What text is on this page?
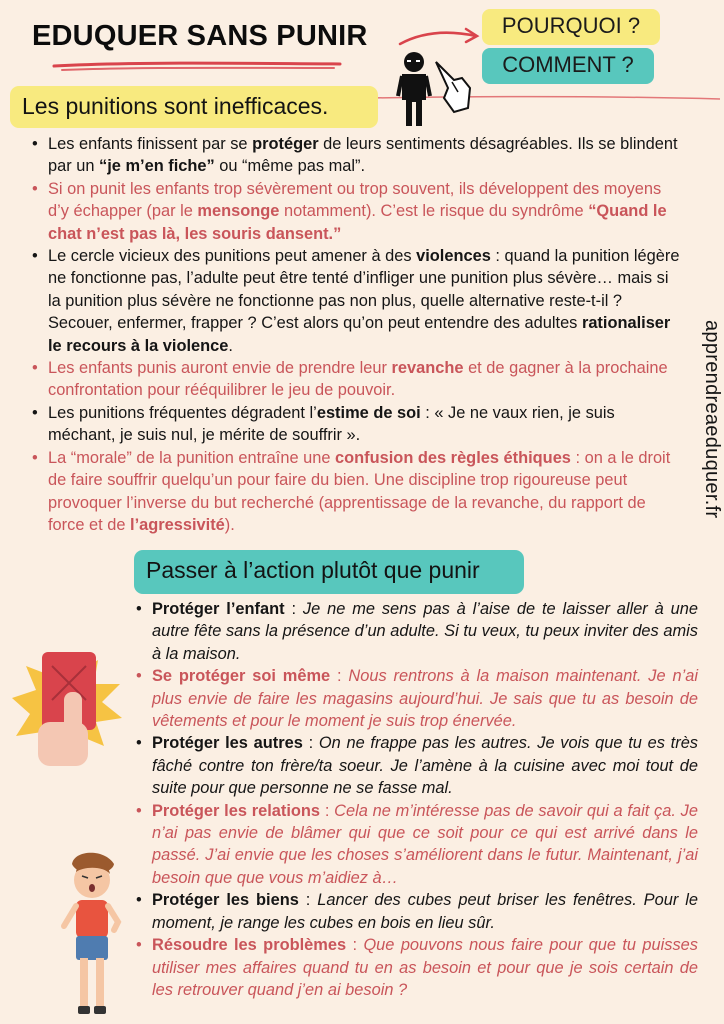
EDUQUER SANS PUNIR	POURQUOI ?
COMMENT ?
Les punitions sont inefficaces.
• Les enfants finissent par se protéger de leurs sentiments désagréables. Ils se blindent par un “je m’en fiche” ou “même pas mal”.
• Si on punit les enfants trop sévèrement ou trop souvent, ils développent des moyens d’y échapper (par le mensonge notamment). C’est le risque du syndrôme “Quand le chat n’est pas là, les souris dansent.”
• Le cercle vicieux des punitions peut amener à des violences : quand la punition légère ne fonctionne pas, l’adulte peut être tenté d’infliger une punition plus sévère… mais si la punition plus sévère ne fonctionne pas non plus, quelle alternative reste-t-il ? Secouer, enfermer, frapper ? C’est alors qu’on peut entendre des adultes rationaliser le recours à la violence.
• Les enfants punis auront envie de prendre leur revanche et de gagner à la prochaine confrontation pour rééquilibrer le jeu de pouvoir.
• Les punitions fréquentes dégradent l’estime de soi : « Je ne vaux rien, je suis méchant, je suis nul, je mérite de souffrir ».
• La “morale” de la punition entraîne une confusion des règles éthiques : on a le droit de faire souffrir quelqu’un pour faire du bien. Une discipline trop rigoureuse peut provoquer l’inverse du but recherché (apprentissage de la revanche, du rapport de force et de l’agressivité).
apprendreaeduquer.fr
Passer à l’action plutôt que punir
• Protéger l’enfant : Je ne me sens pas à l’aise de te laisser aller à une autre fête sans la présence d’un adulte. Si tu veux, tu peux inviter des amis à la maison.
• Se protéger soi même : Nous rentrons à la maison maintenant. Je n’ai plus envie de faire les magasins aujourd’hui. Je sais que tu as besoin de vêtements et pour le moment je suis trop énervée.
• Protéger les autres : On ne frappe pas les autres. Je vois que tu es très fâché contre ton frère/ta soeur. Je l’amène à la cuisine avec moi tout de suite pour que personne ne se fasse mal.
• Protéger les relations : Cela ne m’intéresse pas de savoir qui a fait ça. Je n’ai pas envie de blâmer qui que ce soit pour ce qui est arrivé dans le passé. J’ai envie que les choses s’améliorent dans le futur. Maintenant, j’ai besoin que que vous m’aidiez à…
• Protéger les biens : Lancer des cubes peut briser les fenêtres. Pour le moment, je range les cubes en bois en lieu sûr.
• Résoudre les problèmes : Que pouvons nous faire pour que tu puisses utiliser mes affaires quand tu en as besoin et pour que je sois certain de les retrouver quand j’en ai besoin ?
